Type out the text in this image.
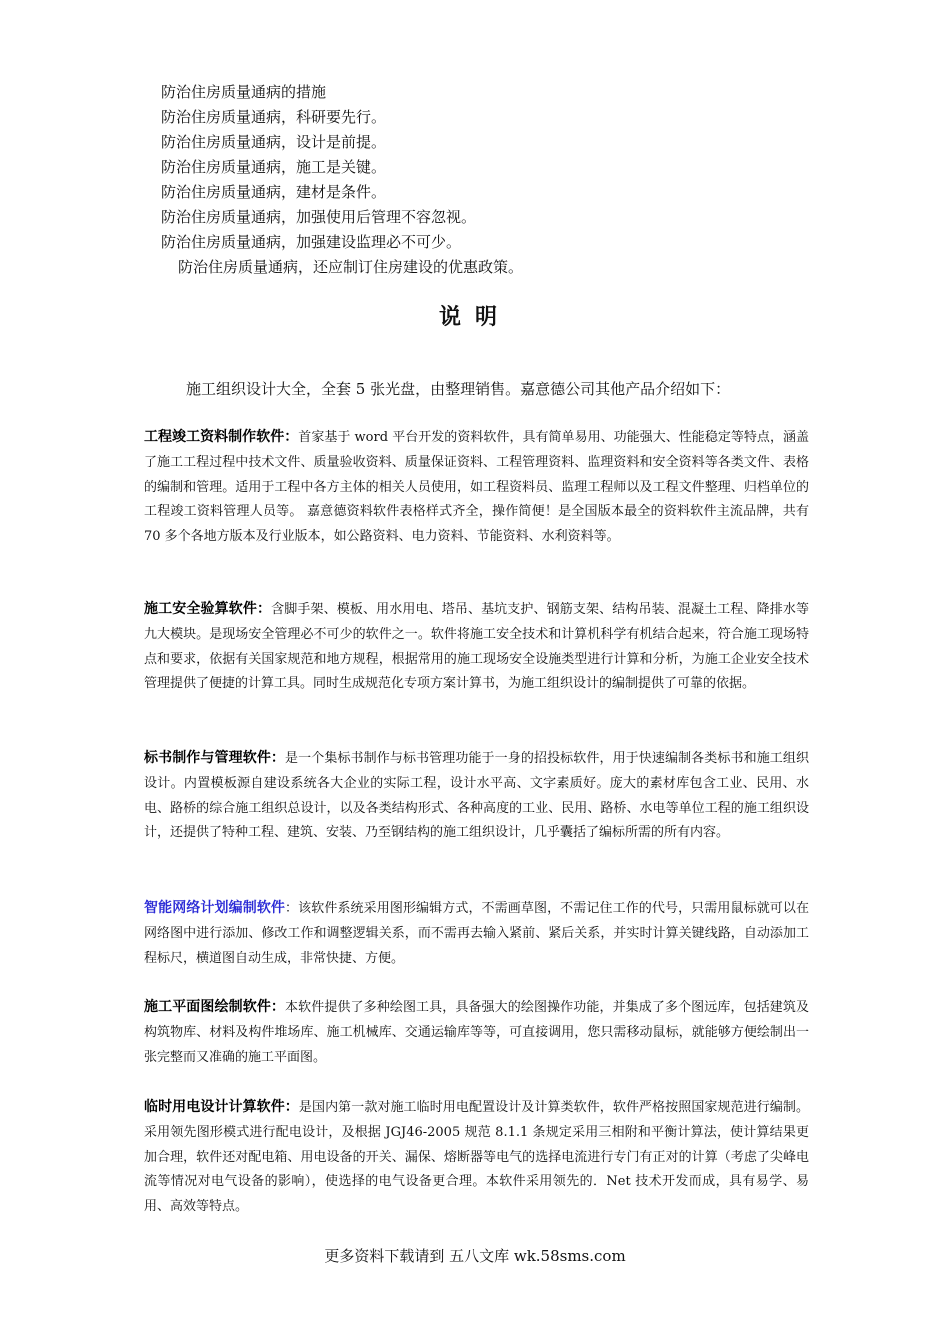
防治住房质量通病的措施
防治住房质量通病，科研要先行。
防治住房质量通病，设计是前提。
防治住房质量通病，施工是关键。
防治住房质量通病，建材是条件。
防治住房质量通病，加强使用后管理不容忽视。
防治住房质量通病，加强建设监理必不可少。
防治住房质量通病，还应制订住房建设的优惠政策。
说明
施工组织设计大全，全套 5 张光盘，由整理销售。嘉意德公司其他产品介绍如下：
工程竣工资料制作软件：首家基于 word 平台开发的资料软件，具有简单易用、功能强大、性能稳定等特点，涵盖了施工工程过程中技术文件、质量验收资料、质量保证资料、工程管理资料、监理资料和安全资料等各类文件、表格的编制和管理。适用于工程中各方主体的相关人员使用，如工程资料员、监理工程师以及工程文件整理、归档单位的工程竣工资料管理人员等。 嘉意德资料软件表格样式齐全，操作简便！是全国版本最全的资料软件主流品牌，共有 70 多个各地方版本及行业版本，如公路资料、电力资料、节能资料、水利资料等。
施工安全验算软件：含脚手架、模板、用水用电、塔吊、基坑支护、钢筋支架、结构吊装、混凝土工程、降排水等九大模块。是现场安全管理必不可少的软件之一。软件将施工安全技术和计算机科学有机结合起来，符合施工现场特点和要求，依据有关国家规范和地方规程，根据常用的施工现场安全设施类型进行计算和分析，为施工企业安全技术管理提供了便捷的计算工具。同时生成规范化专项方案计算书，为施工组织设计的编制提供了可靠的依据。
标书制作与管理软件：是一个集标书制作与标书管理功能于一身的招投标软件，用于快速编制各类标书和施工组织设计。内置模板源自建设系统各大企业的实际工程，设计水平高、文字素质好。庞大的素材库包含工业、民用、水电、路桥的综合施工组织总设计，以及各类结构形式、各种高度的工业、民用、路桥、水电等单位工程的施工组织设计，还提供了特种工程、建筑、安装、乃至钢结构的施工组织设计，几乎囊括了编标所需的所有内容。
智能网络计划编制软件：该软件系统采用图形编辑方式，不需画草图，不需记住工作的代号，只需用鼠标就可以在网络图中进行添加、修改工作和调整逻辑关系，而不需再去输入紧前、紧后关系，并实时计算关键线路，自动添加工程标尺，横道图自动生成，非常快捷、方便。
施工平面图绘制软件：本软件提供了多种绘图工具，具备强大的绘图操作功能，并集成了多个图远库，包括建筑及构筑物库、材料及构件堆场库、施工机械库、交通运输库等等，可直接调用，您只需移动鼠标，就能够方便绘制出一张完整而又准确的施工平面图。
临时用电设计计算软件：是国内第一款对施工临时用电配置设计及计算类软件，软件严格按照国家规范进行编制。采用领先图形模式进行配电设计，及根据 JGJ46-2005 规范 8.1.1 条规定采用三相附和平衡计算法，使计算结果更加合理，软件还对配电箱、用电设备的开关、漏保、熔断器等电气的选择电流进行专门有正对的计算（考虑了尖峰电流等情况对电气设备的影响），使选择的电气设备更合理。本软件采用领先的．Net 技术开发而成，具有易学、易用、高效等特点。
更多资料下载请到 五八文库 wk.58sms.com
